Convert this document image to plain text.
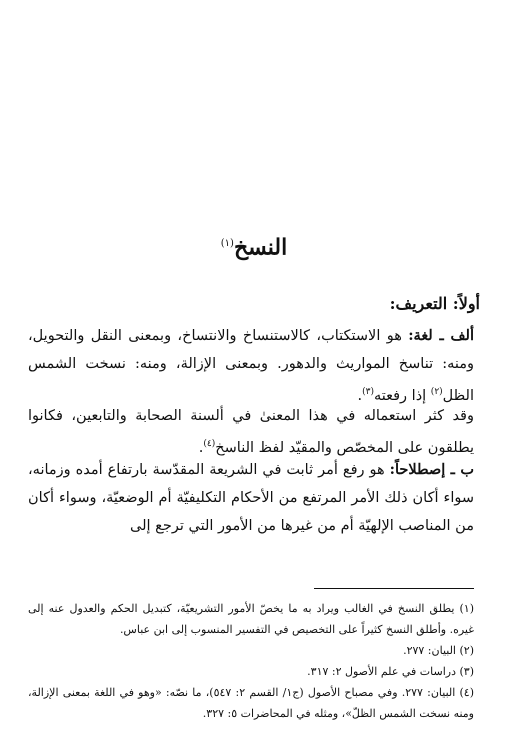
النسخ$^{(١)}$
أولاً: التعريف:
ألف ـ لغة: هو الاستكتاب، كالاستنساخ والانتساخ، وبمعنى النقل والتحويل، ومنه: تناسخ المواريث والدهور. وبمعنى الإزالة، ومنه: نسخت الشمس الظل$^{(٢)}$ إذا رفعته$^{(٣)}$.
وقد كثر استعماله في هذا المعنىٰ في ألسنة الصحابة والتابعين، فكانوا يطلقون على المخصّص والمقيّد لفظ الناسخ$^{(٤)}$.
ب ـ إصطلاحاً: هو رفع أمر ثابت في الشريعة المقدّسة بارتفاع أمده وزمانه، سواء أكان ذلك الأمر المرتفع من الأحكام التكليفيّة أم الوضعيّة، وسواء أكان من المناصب الإلهيّة أم من غيرها من الأمور التي ترجع إلى

(١) يطلق النسخ في الغالب ويراد به ما يخصّ الأمور التشريعيّة، كتبديل الحكم والعدول عنه إلى غيره. وأطلق النسخ كثيراً على التخصيص في التفسير المنسوب إلى ابن عباس.

(٢) البيان: ٢٧٧.

(٣) دراسات في علم الأصول ٢: ٣١٧.

(٤) البيان: ٢٧٧. وفي مصباح الأصول (ج١/ القسم ٢: ٥٤٧)، ما نصّه: «وهو في اللغة بمعنى الإزالة، ومنه نسخت الشمس الظلّ»، ومثله في المحاضرات ٥: ٣٢٧.
